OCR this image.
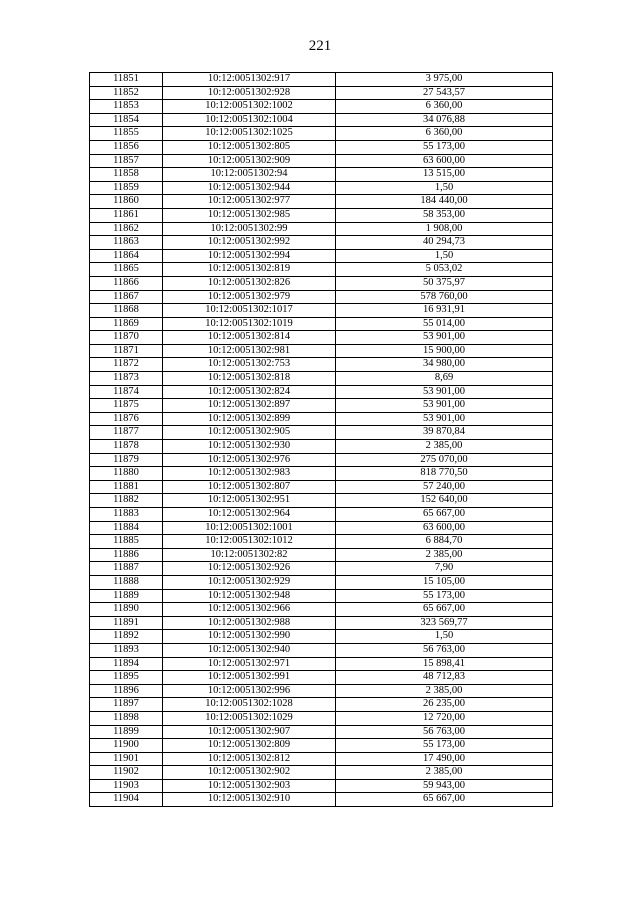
221
11851	10:12:0051302:917	3 975,00
11852	10:12:0051302:928	27 543,57
11853	10:12:0051302:1002	6 360,00
11854	10:12:0051302:1004	34 076,88
11855	10:12:0051302:1025	6 360,00
11856	10:12:0051302:805	55 173,00
11857	10:12:0051302:909	63 600,00
11858	10:12:0051302:94	13 515,00
11859	10:12:0051302:944	1,50
11860	10:12:0051302:977	184 440,00
11861	10:12:0051302:985	58 353,00
11862	10:12:0051302:99	1 908,00
11863	10:12:0051302:992	40 294,73
11864	10:12:0051302:994	1,50
11865	10:12:0051302:819	5 053,02
11866	10:12:0051302:826	50 375,97
11867	10:12:0051302:979	578 760,00
11868	10:12:0051302:1017	16 931,91
11869	10:12:0051302:1019	55 014,00
11870	10:12:0051302:814	53 901,00
11871	10:12:0051302:981	15 900,00
11872	10:12:0051302:753	34 980,00
11873	10:12:0051302:818	8,69
11874	10:12:0051302:824	53 901,00
11875	10:12:0051302:897	53 901,00
11876	10:12:0051302:899	53 901,00
11877	10:12:0051302:905	39 870,84
11878	10:12:0051302:930	2 385,00
11879	10:12:0051302:976	275 070,00
11880	10:12:0051302:983	818 770,50
11881	10:12:0051302:807	57 240,00
11882	10:12:0051302:951	152 640,00
11883	10:12:0051302:964	65 667,00
11884	10:12:0051302:1001	63 600,00
11885	10:12:0051302:1012	6 884,70
11886	10:12:0051302:82	2 385,00
11887	10:12:0051302:926	7,90
11888	10:12:0051302:929	15 105,00
11889	10:12:0051302:948	55 173,00
11890	10:12:0051302:966	65 667,00
11891	10:12:0051302:988	323 569,77
11892	10:12:0051302:990	1,50
11893	10:12:0051302:940	56 763,00
11894	10:12:0051302:971	15 898,41
11895	10:12:0051302:991	48 712,83
11896	10:12:0051302:996	2 385,00
11897	10:12:0051302:1028	26 235,00
11898	10:12:0051302:1029	12 720,00
11899	10:12:0051302:907	56 763,00
11900	10:12:0051302:809	55 173,00
11901	10:12:0051302:812	17 490,00
11902	10:12:0051302:902	2 385,00
11903	10:12:0051302:903	59 943,00
11904	10:12:0051302:910	65 667,00
